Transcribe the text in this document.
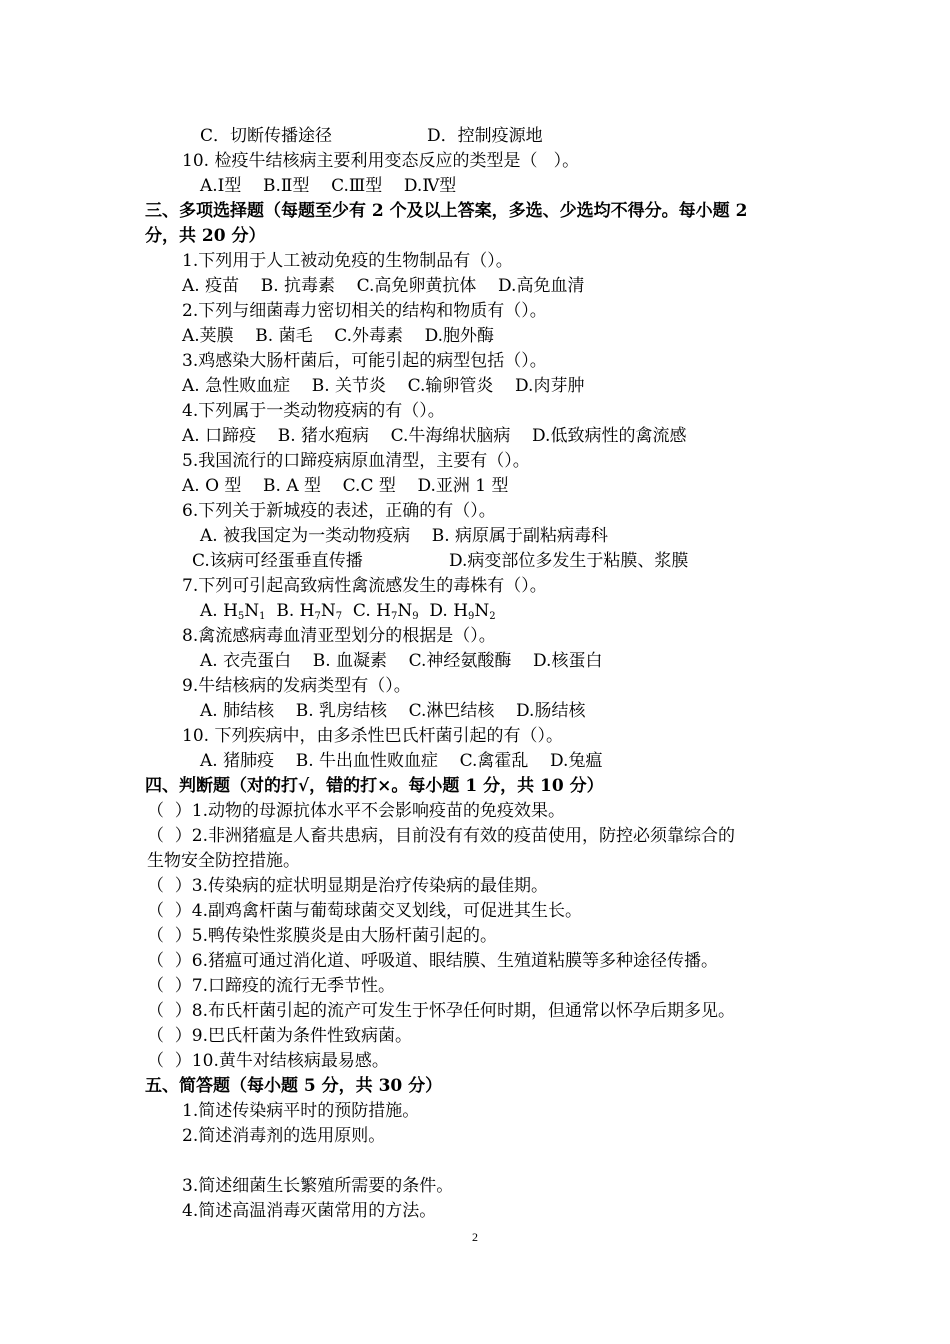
C．切断传播途径	D．控制疫源地
10. 检疫牛结核病主要利用变态反应的类型是（   ）。
A.Ⅰ型    B.Ⅱ型    C.Ⅲ型    D.Ⅳ型
三、多项选择题（每题至少有 2 个及以上答案，多选、少选均不得分。每小题 2
分，共 20 分）
1.下列用于人工被动免疫的生物制品有（）。
A. 疫苗    B. 抗毒素    C.高免卵黄抗体    D.高免血清
2.下列与细菌毒力密切相关的结构和物质有（）。
A.荚膜    B. 菌毛    C.外毒素    D.胞外酶
3.鸡感染大肠杆菌后，可能引起的病型包括（）。
A. 急性败血症    B. 关节炎    C.输卵管炎    D.肉芽肿
4.下列属于一类动物疫病的有（）。
A. 口蹄疫    B. 猪水疱病    C.牛海绵状脑病    D.低致病性的禽流感
5.我国流行的口蹄疫病原血清型，主要有（）。
A. O 型    B. A 型    C.C 型    D.亚洲 1 型
6.下列关于新城疫的表述，正确的有（）。
A. 被我国定为一类动物疫病    B. 病原属于副粘病毒科
C.该病可经蛋垂直传播	D.病变部位多发生于粘膜、浆膜
7.下列可引起高致病性禽流感发生的毒株有（）。
A. $H_5N_1$  B. $H_7N_7$  C. $H_7N_9$  D. $H_9N_2$
8.禽流感病毒血清亚型划分的根据是（）。
A. 衣壳蛋白    B. 血凝素    C.神经氨酸酶    D.核蛋白
9.牛结核病的发病类型有（）。
A. 肺结核    B. 乳房结核    C.淋巴结核    D.肠结核
10. 下列疾病中，由多杀性巴氏杆菌引起的有（）。
A. 猪肺疫    B. 牛出血性败血症    C.禽霍乱    D.兔瘟
四、判断题（对的打√，错的打×。每小题 1 分，共 10 分）
（  ）1.动物的母源抗体水平不会影响疫苗的免疫效果。
（  ）2.非洲猪瘟是人畜共患病，目前没有有效的疫苗使用，防控必须靠综合的
生物安全防控措施。
（  ）3.传染病的症状明显期是治疗传染病的最佳期。
（  ）4.副鸡禽杆菌与葡萄球菌交叉划线，可促进其生长。
（  ）5.鸭传染性浆膜炎是由大肠杆菌引起的。
（  ）6.猪瘟可通过消化道、呼吸道、眼结膜、生殖道粘膜等多种途径传播。
（  ）7.口蹄疫的流行无季节性。
（  ）8.布氏杆菌引起的流产可发生于怀孕任何时期，但通常以怀孕后期多见。
（  ）9.巴氏杆菌为条件性致病菌。
（  ）10.黄牛对结核病最易感。
五、简答题（每小题 5 分，共 30 分）
1.简述传染病平时的预防措施。
2.简述消毒剂的选用原则。
3.简述细菌生长繁殖所需要的条件。
4.简述高温消毒灭菌常用的方法。
2
